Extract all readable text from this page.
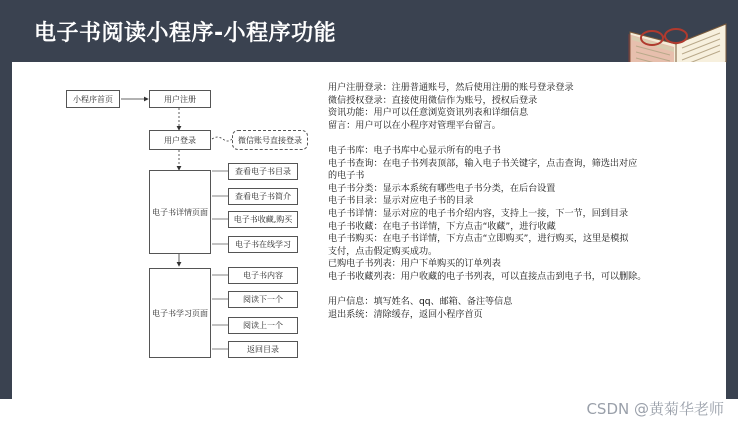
电子书阅读小程序-小程序功能
小程序首页	用户注册
用户登录	微信账号直接登录
电子书详情页面
查看电子书目录
查看电子书简介
电子书收藏,购买
电子书在线学习
电子书学习页面
电子书内容
阅读下一个
阅读上一个
返回目录
用户注册登录：注册普通账号，然后使用注册的账号登录登录
微信授权登录：直接使用微信作为账号，授权后登录
资讯功能：用户可以任意浏览资讯列表和详细信息
留言：用户可以在小程序对管理平台留言。
电子书库：电子书库中心显示所有的电子书
电子书查询：在电子书列表顶部，输入电子书关键字，点击查询，筛选出对应
的电子书
电子书分类：显示本系统有哪些电子书分类，在后台设置
电子书目录：显示对应电子书的目录
电子书详情：显示对应的电子书介绍内容，支持上一接，下一节，回到目录
电子书收藏：在电子书详情，下方点击“收藏”，进行收藏
电子书购买：在电子书详情，下方点击“立即购买”，进行购买，这里是模拟
支付，点击假定购买成功。
已购电子书列表：用户下单购买的订单列表
电子书收藏列表：用户收藏的电子书列表，可以直接点击到电子书，可以删除。
用户信息：填写姓名、qq、邮箱、备注等信息
退出系统：清除缓存，返回小程序首页
CSDN @黄菊华老师
